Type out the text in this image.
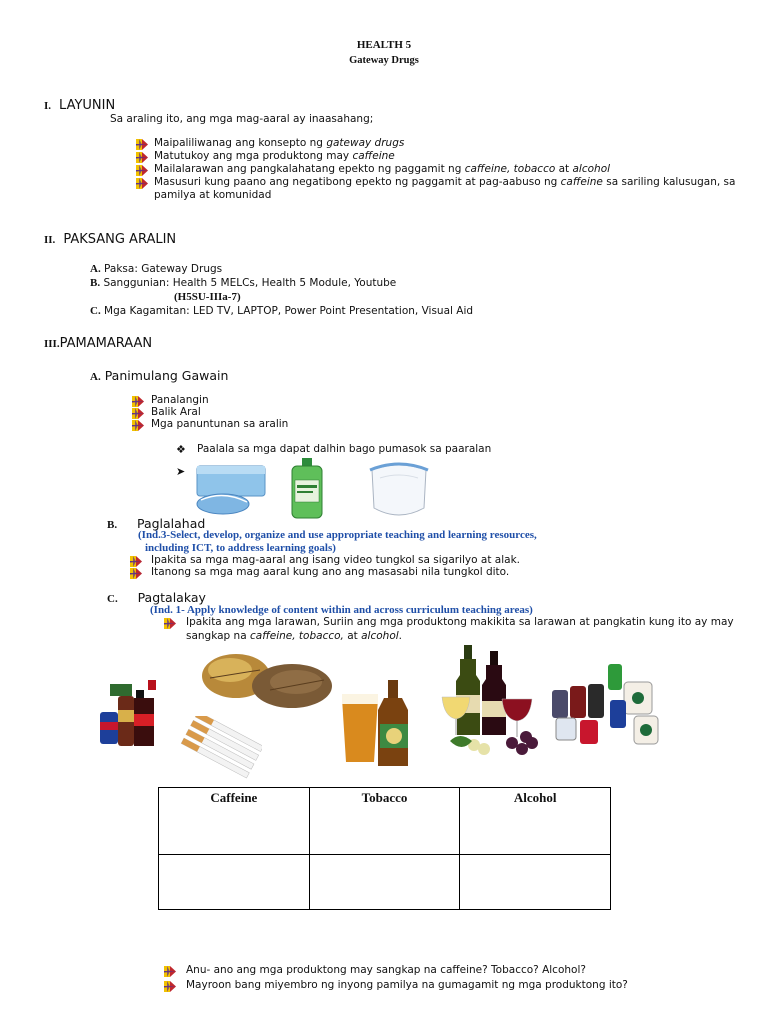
HEALTH 5
Gateway Drugs
I. LAYUNIN
Sa araling ito, ang mga mag-aaral ay inaasahang;
Maipaliliwanag ang konsepto ng gateway drugs
Matutukoy ang mga produktong may caffeine
Mailalarawan ang pangkalahatang epekto ng paggamit ng caffeine, tobacco at alcohol
Masusuri kung paano ang negatibong epekto ng paggamit at pag-aabuso ng caffeine sa sariling kalusugan, sa
pamilya at komunidad
II. PAKSANG ARALIN
A. Paksa: Gateway Drugs
B. Sanggunian: Health 5 MELCs, Health 5 Module, Youtube
(H5SU-IIIa-7)
C. Mga Kagamitan: LED TV, LAPTOP, Power Point Presentation, Visual Aid
III.PAMAMARAAN
A. Panimulang Gawain
Panalangin
Balik Aral
Mga panuntunan sa aralin
❖ Paalala sa mga dapat dalhin bago pumasok sa paaralan
➤
B. Paglalahad
(Ind.3-Select, develop, organize and use appropriate teaching and learning resources,
including ICT, to address learning goals)
Ipakita sa mga mag-aaral ang isang video tungkol sa sigarilyo at alak.
Itanong sa mga mag aaral kung ano ang masasabi nila tungkol dito.
C. Pagtalakay
(Ind. 1- Apply knowledge of content within and across curriculum teaching areas)
Ipakita ang mga larawan, Suriin ang mga produktong makikita sa larawan at pangkatin kung ito ay may
sangkap na caffeine, tobacco, at alcohol.
Caffeine	Tobacco	Alcohol

Anu- ano ang mga produktong may sangkap na caffeine? Tobacco? Alcohol?
Mayroon bang miyembro ng inyong pamilya na gumagamit ng mga produktong ito?
